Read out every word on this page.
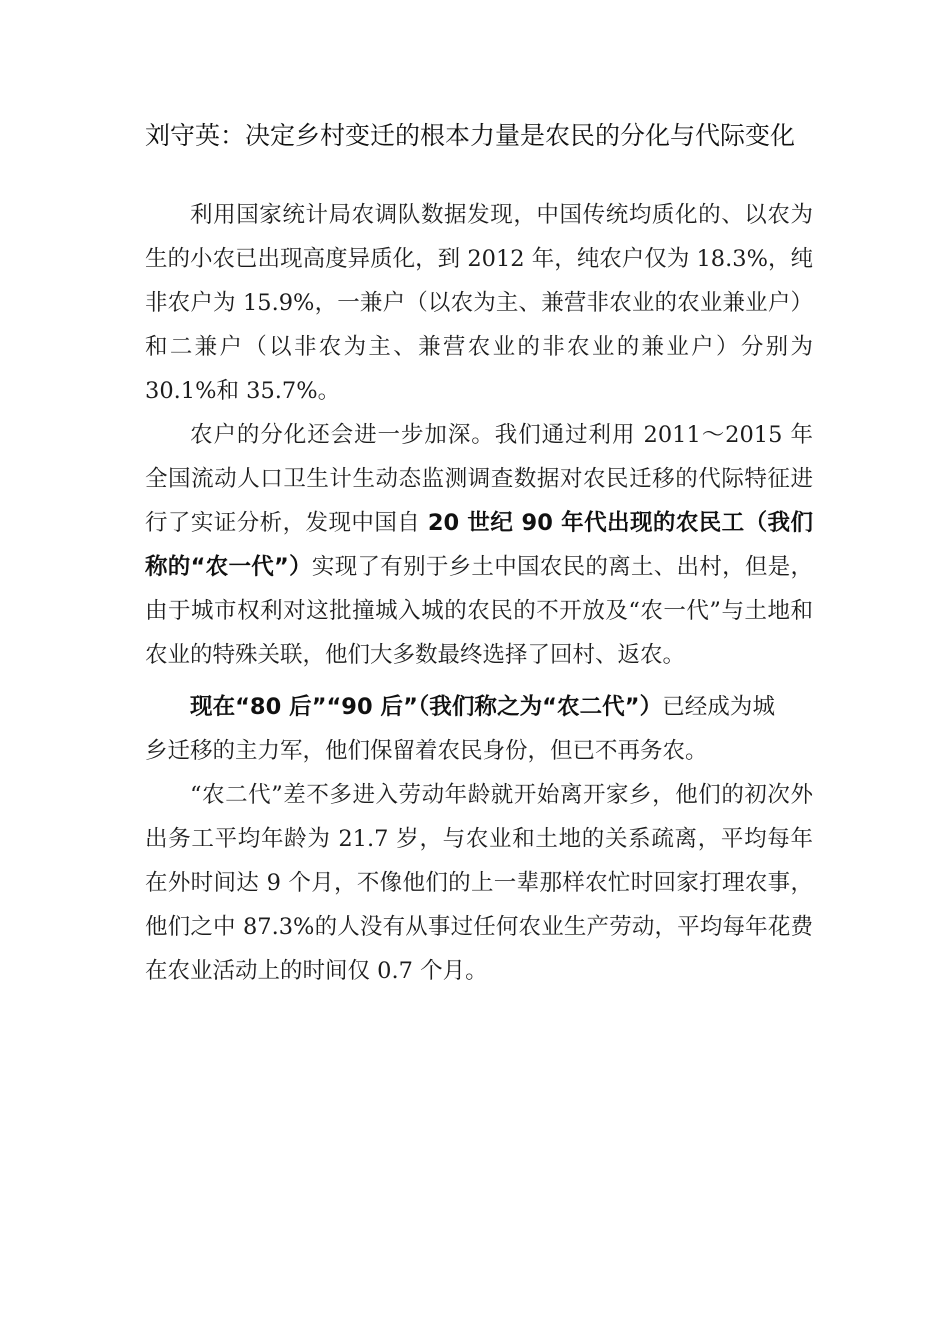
刘守英：决定乡村变迁的根本力量是农民的分化与代际变化

利用国家统计局农调队数据发现，中国传统均质化的、以农为生的小农已出现高度异质化，到 2012 年，纯农户仅为 18.3%，纯非农户为 15.9%，一兼户（以农为主、兼营非农业的农业兼业户）和二兼户（以非农为主、兼营农业的非农业的兼业户）分别为 30.1%和 35.7%。

农户的分化还会进一步加深。我们通过利用 2011～2015 年全国流动人口卫生计生动态监测调查数据对农民迁移的代际特征进行了实证分析，发现中国自 20 世纪 90 年代出现的农民工（我们称的“农一代”）实现了有别于乡土中国农民的离土、出村，但是，由于城市权利对这批撞城入城的农民的不开放及“农一代”与土地和农业的特殊关联，他们大多数最终选择了回村、返农。

现在“80 后”“90 后”（我们称之为“农二代”）已经成为城乡迁移的主力军，他们保留着农民身份，但已不再务农。

“农二代”差不多进入劳动年龄就开始离开家乡，他们的初次外出务工平均年龄为 21.7 岁，与农业和土地的关系疏离，平均每年在外时间达 9 个月，不像他们的上一辈那样农忙时回家打理农事，他们之中 87.3%的人没有从事过任何农业生产劳动，平均每年花费在农业活动上的时间仅 0.7 个月。
